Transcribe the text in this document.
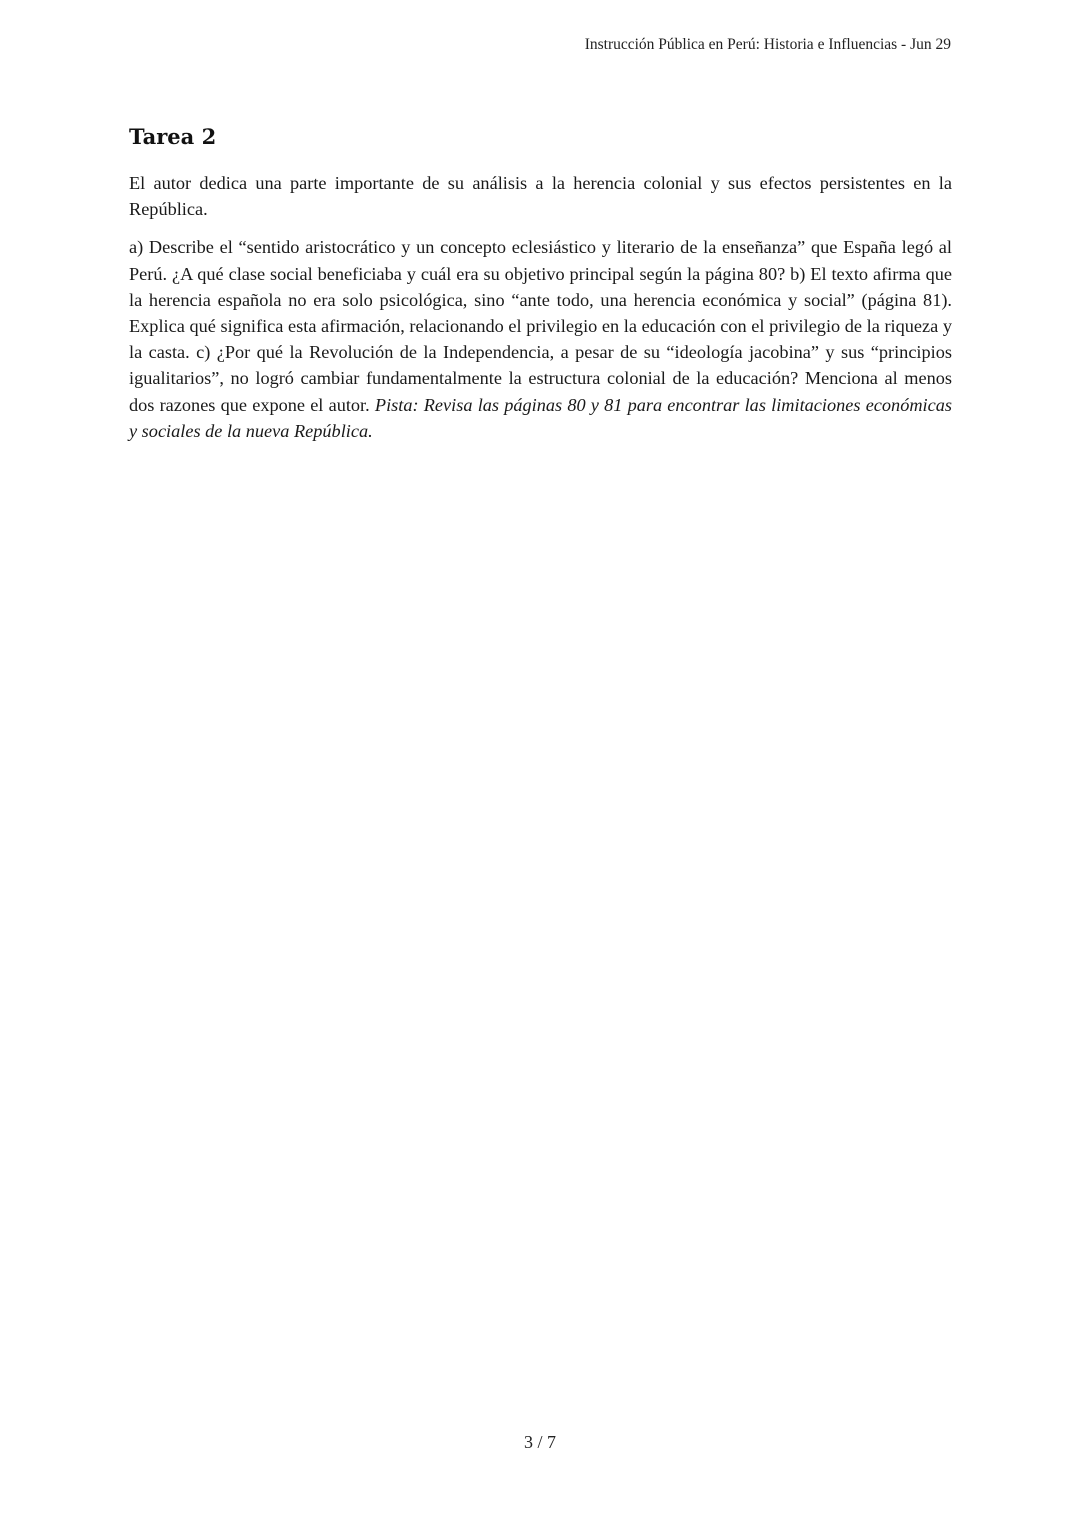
Instrucción Pública en Perú: Historia e Influencias - Jun 29
Tarea 2

El autor dedica una parte importante de su análisis a la herencia colonial y sus efectos persistentes en la República.

a) Describe el “sentido aristocrático y un concepto eclesiástico y literario de la enseñanza” que España legó al Perú. ¿A qué clase social beneficiaba y cuál era su objetivo principal según la página 80? b) El texto afirma que la herencia española no era solo psicológica, sino “ante todo, una herencia económica y social” (página 81). Explica qué significa esta afirmación, relacionando el privilegio en la educación con el privilegio de la riqueza y la casta. c) ¿Por qué la Revolución de la Independencia, a pesar de su “ideología jacobina” y sus “principios igualitarios”, no logró cambiar fundamentalmente la estructura colonial de la educación? Menciona al menos dos razones que expone el autor. Pista: Revisa las páginas 80 y 81 para encontrar las limitaciones económicas y sociales de la nueva República.

3 / 7
